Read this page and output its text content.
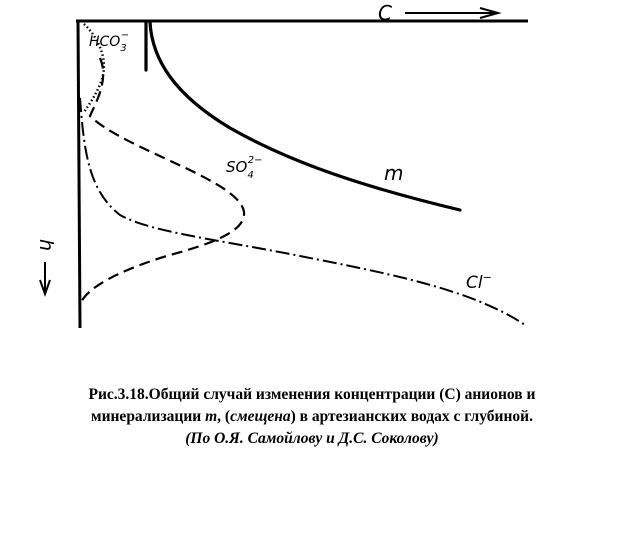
C
h
$HCO_3-$
m
$SO_42-$
Cl−
Рис.3.18.Общий случай изменения концентрации (С) анионов и
минерализации m, (смещена) в артезианских водах с глубиной.
(По О.Я. Самойлову и Д.С. Соколову)
